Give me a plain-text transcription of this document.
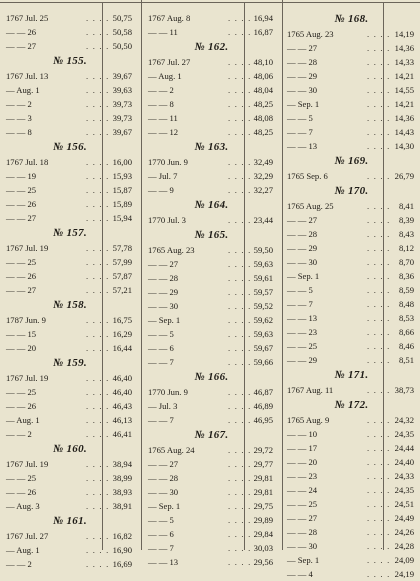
1767 Jul. 25	. . . . 50,75
— — 26	. . . . 50,58
— — 27	. . . . 50,50
№ 155.
1767 Jul. 13	. . . . 39,67
— Aug. 1	. . . . 39,63
— — 2	. . . . 39,73
— — 3	. . . . 39,73
— — 8	. . . . 39,67
№ 156.
1767 Jul. 18	. . . . 16,00
— — 19	. . . . 15,93
— — 25	. . . . 15,87
— — 26	. . . . 15,89
— — 27	. . . . 15,94
№ 157.
1767 Jul. 19	. . . . 57,78
— — 25	. . . . 57,99
— — 26	. . . . 57,87
— — 27	. . . . 57,21
№ 158.
1787 Jun. 9	. . . . 16,75
— — 15	. . . . 16,29
— — 20	. . . . 16,44
№ 159.
1767 Jul. 19	. . . . 46,40
— — 25	. . . . 46,40
— — 26	. . . . 46,43
— Aug. 1	. . . . 46,13
— — 2	. . . . 46,41
№ 160.
1767 Jul. 19	. . . . 38,94
— — 25	. . . . 38,99
— — 26	. . . . 38,93
— Aug. 3	. . . . 38,91
№ 161.
1767 Jul. 27	. . . . 16,82
— Aug. 1	. . . . 16,90
— — 2	. . . . 16,69
1767 Aug. 8	. . . . 16,94
— — 11	. . . . 16,87
№ 162.
1767 Jul. 27	. . . . 48,10
— Aug. 1	. . . . 48,06
— — 2	. . . . 48,04
— — 8	. . . . 48,25
— — 11	. . . . 48,08
— — 12	. . . . 48,25
№ 163.
1770 Jun. 9	. . . . 32,49
— Jul. 7	. . . . 32,29
— — 9	. . . . 32,27
№ 164.
1770 Jul. 3	. . . . 23,44
№ 165.
1765 Aug. 23	. . . . 59,50
— — 27	. . . . 59,63
— — 28	. . . . 59,61
— — 29	. . . . 59,57
— — 30	. . . . 59,52
— Sep. 1	. . . . 59,62
— — 5	. . . . 59,63
— — 6	. . . . 59,67
— — 7	. . . . 59,66
№ 166.
1770 Jun. 9	. . . . 46,87
— Jul. 3	. . . . 46,89
— — 7	. . . . 46,95
№ 167.
1765 Aug. 24	. . . . 29,72
— — 27	. . . . 29,77
— — 28	. . . . 29,81
— — 30	. . . . 29,81
— Sep. 1	. . . . 29,75
— — 5	. . . . 29,89
— — 6	. . . . 29,84
— — 7	. . . . 30,03
— — 13	. . . . 29,56
№ 168.
1765 Aug. 23	. . . . 14,19
— — 27	. . . . 14,36
— — 28	. . . . 14,33
— — 29	. . . . 14,21
— — 30	. . . . 14,55
— Sep. 1	. . . . 14,21
— — 5	. . . . 14,36
— — 7	. . . . 14,43
— — 13	. . . . 14,30
№ 169.
1765 Sep. 6	. . . . 26,79
№ 170.
1765 Aug. 25	. . . . 8,41
— — 27	. . . . 8,39
— — 28	. . . . 8,43
— — 29	. . . . 8,12
— — 30	. . . . 8,70
— Sep. 1	. . . . 8,36
— — 5	. . . . 8,59
— — 7	. . . . 8,48
— — 13	. . . . 8,53
— — 23	. . . . 8,66
— — 25	. . . . 8,46
— — 29	. . . . 8,51
№ 171.
1767 Aug. 11	. . . . 38,73
№ 172.
1765 Aug. 9	. . . . 24,32
— — 10	. . . . 24,35
— — 17	. . . . 24,44
— — 20	. . . . 24,40
— — 23	. . . . 24,33
— — 24	. . . . 24,35
— — 25	. . . . 24,51
— — 27	. . . . 24,49
— — 28	. . . . 24,26
— — 30	. . . . 24,28
— Sep. 1	. . . . 24,09
— — 4	. . . . 24,19
